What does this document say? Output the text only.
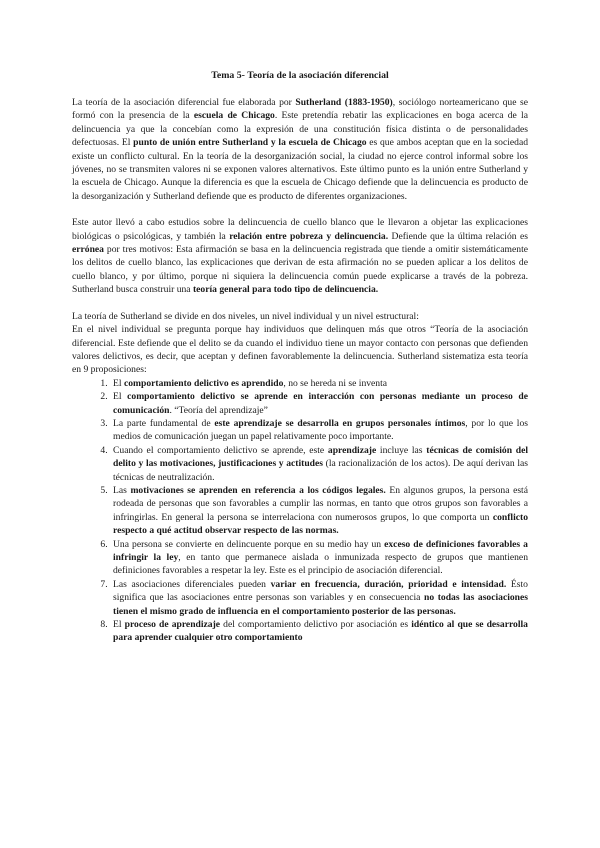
Tema 5- Teoría de la asociación diferencial

La teoría de la asociación diferencial fue elaborada por Sutherland (1883-1950), sociólogo norteamericano que se formó con la presencia de la escuela de Chicago. Este pretendía rebatir las explicaciones en boga acerca de la delincuencia ya que la concebían como la expresión de una constitución física distinta o de personalidades defectuosas. El punto de unión entre Sutherland y la escuela de Chicago es que ambos aceptan que en la sociedad existe un conflicto cultural. En la teoría de la desorganización social, la ciudad no ejerce control informal sobre los jóvenes, no se transmiten valores ni se exponen valores alternativos. Este último punto es la unión entre Sutherland y la escuela de Chicago. Aunque la diferencia es que la escuela de Chicago defiende que la delincuencia es producto de la desorganización y Sutherland defiende que es producto de diferentes organizaciones.

Este autor llevó a cabo estudios sobre la delincuencia de cuello blanco que le llevaron a objetar las explicaciones biológicas o psicológicas, y también la relación entre pobreza y delincuencia. Defiende que la última relación es errónea por tres motivos: Esta afirmación se basa en la delincuencia registrada que tiende a omitir sistemáticamente los delitos de cuello blanco, las explicaciones que derivan de esta afirmación no se pueden aplicar a los delitos de cuello blanco, y por último, porque ni siquiera la delincuencia común puede explicarse a través de la pobreza. Sutherland busca construir una teoría general para todo tipo de delincuencia.

La teoría de Sutherland se divide en dos niveles, un nivel individual y un nivel estructural:

En el nivel individual se pregunta porque hay individuos que delinquen más que otros “Teoría de la asociación diferencial. Este defiende que el delito se da cuando el individuo tiene un mayor contacto con personas que defienden valores delictivos, es decir, que aceptan y definen favorablemente la delincuencia. Sutherland sistematiza esta teoría en 9 proposiciones:

1. El comportamiento delictivo es aprendido, no se hereda ni se inventa
2. El comportamiento delictivo se aprende en interacción con personas mediante un proceso de comunicación. “Teoría del aprendizaje”
3. La parte fundamental de este aprendizaje se desarrolla en grupos personales íntimos, por lo que los medios de comunicación juegan un papel relativamente poco importante.
4. Cuando el comportamiento delictivo se aprende, este aprendizaje incluye las técnicas de comisión del delito y las motivaciones, justificaciones y actitudes (la racionalización de los actos). De aquí derivan las técnicas de neutralización.
5. Las motivaciones se aprenden en referencia a los códigos legales. En algunos grupos, la persona está rodeada de personas que son favorables a cumplir las normas, en tanto que otros grupos son favorables a infringirlas. En general la persona se interrelaciona con numerosos grupos, lo que comporta un conflicto respecto a qué actitud observar respecto de las normas.
6. Una persona se convierte en delincuente porque en su medio hay un exceso de definiciones favorables a infringir la ley, en tanto que permanece aislada o inmunizada respecto de grupos que mantienen definiciones favorables a respetar la ley. Este es el principio de asociación diferencial.
7. Las asociaciones diferenciales pueden variar en frecuencia, duración, prioridad e intensidad. Ésto significa que las asociaciones entre personas son variables y en consecuencia no todas las asociaciones tienen el mismo grado de influencia en el comportamiento posterior de las personas.
8. El proceso de aprendizaje del comportamiento delictivo por asociación es idéntico al que se desarrolla para aprender cualquier otro comportamiento
